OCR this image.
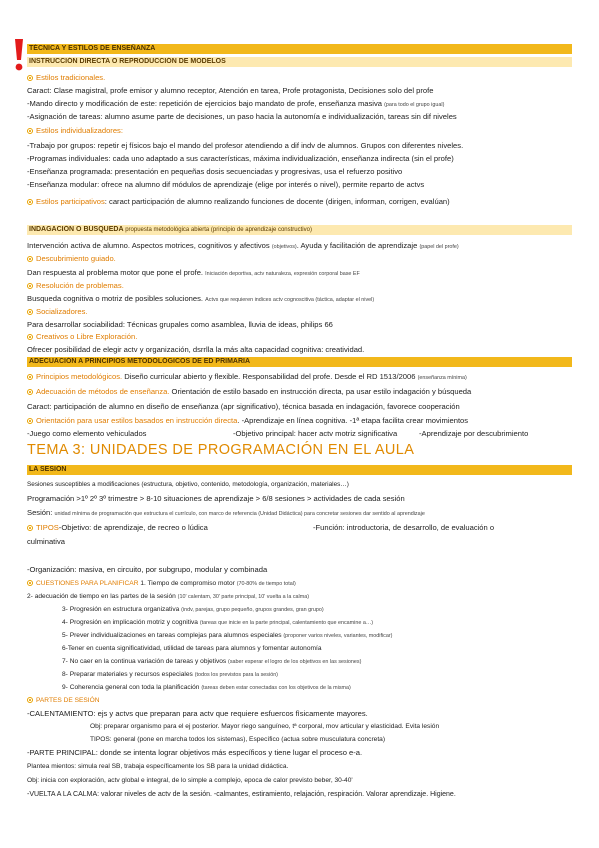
TÉCNICA Y ESTILOS DE ENSEÑANZA
INSTRUCCIÓN DIRECTA O REPRODUCCIÓN DE MODELOS
Estilos tradicionales.
Caract: Clase magistral, profe emisor y alumno receptor, Atención en tarea, Profe protagonista, Decisiones solo del profe
-Mando directo y modificación de este: repetición de ejercicios bajo mandato de profe, enseñanza masiva (para todo el grupo igual)
-Asignación de tareas: alumno asume parte de decisiones, un paso hacia la autonomía e individualización, tareas sin dif niveles
Estilos individualizadores:
-Trabajo por grupos: repetir ej físicos bajo el mando del profesor atendiendo a dif indv de alumnos. Grupos con diferentes niveles.
-Programas individuales: cada uno adaptado a sus características, máxima individualización, enseñanza indirecta (sin el profe)
-Enseñanza programada: presentación en pequeñas dosis secuenciadas y progresivas, usa el refuerzo positivo
-Enseñanza modular: ofrece na alumno dif módulos de aprendizaje (elige por interés o nivel), permite reparto de actvs
Estilos participativos: caract participación de alumno realizando funciones de docente (dirigen, informan, corrigen, evalúan)
INDAGACIÓN O BÚSQUEDA propuesta metodológica abierta (principio de aprendizaje constructivo)
Intervención activa de alumno. Aspectos motrices, cognitivos y afectivos (objetivos). Ayuda y facilitación de aprendizaje (papel del profe)
Descubrimiento guiado.
Dan respuesta al problema motor que pone el profe. Iniciación deportiva, actv naturaleza, expresión corporal base EF
Resolución de problemas.
Busqueda cognitiva o motriz de posibles soluciones. Actvs que requieren indices actv cognoscitiva (táctica, adaptar el nivel)
Socializadores.
Para desarrollar sociabilidad: Técnicas grupales como asamblea, lluvia de ideas, philips 66
Creativos o Libre Exploración.
Ofrecer posibilidad de elegir actv y organización, dsrrlla la más alta capacidad cognitiva: creatividad.
ADECUACIÓN A PRINCIPIOS METODOLÓGICOS DE ED PRIMARIA
Principios metodológicos. Diseño curricular abierto y flexible. Responsabilidad del profe. Desde el RD 1513/2006 (enseñanza mínima)
Adecuación de métodos de enseñanza. Orientación de estilo basado en instrucción directa, pa usar estilo indagación y búsqueda
Caract: participación de alumno en diseño de enseñanza (apr significativo), técnica basada en indagación, favorece cooperación
Orientación para usar estilos basados en instrucción directa. -Aprendizaje en línea cognitiva. -1ª etapa facilita crear movimientos
-Juego como elemento vehiculados	-Objetivo principal: hacer actv motriz significativa	-Aprendizaje por descubrimiento
TEMA 3: UNIDADES DE PROGRAMACIÓN EN EL AULA
LA SESIÓN
Sesiones susceptibles a modificaciones (estructura, objetivo, contenido, metodología, organización, materiales…)
Programación >1º 2º 3º trimestre > 8-10 situaciones de aprendizaje > 6/8 sesiones > actividades de cada sesión
Sesión: unidad mínima de programación que estructura el currículo, con marco de referencia (Unidad Didáctica) para concretar sesiones dar sentido al aprendizaje
TIPOS-Objetivo: de aprendizaje, de recreo o lúdica	-Función: introductoria, de desarrollo, de evaluación o
culminativa
-Organización: masiva, en circuito, por subgrupo, modular y combinada
CUESTIONES PARA PLANIFICAR 1. Tiempo de compromiso motor (70-80% de tiempo total)
2- adecuación de tiempo en las partes de la sesión (10' calentam, 30' parte principal, 10' vuelta a la calma)
3- Progresión en estructura organizativa (indv, parejas, grupo pequeño, grupos grandes, gran grupo)
4- Progresión en implicación motriz y cognitiva (tareas que inicie en la parte principal, calentamiento que encamine a…)
5- Prever individualizaciones en tareas complejas para alumnos especiales (proponer varios niveles, variantes, modificar)
6-Tener en cuenta significatividad, utilidad de tareas para alumnos y fomentar autonomía
7- No caer en la continua variación de tareas y objetivos (saber esperar el logro de los objetivos en las sesiones)
8- Preparar materiales y recursos especiales (todos los previstos para la sesión)
9- Coherencia general con toda la planificación (tareas deben estar conectadas con los objetivos de la misma)
PARTES DE SESIÓN
-CALENTAMIENTO: ejs y actvs que preparan para actv que requiere esfuercos fìsicamente mayores.
Obj: preparar organismo para el ej posterior. Mayor riego sanguíneo, tª corporal, mov articular y elasticidad. Evita lesión
TIPOS: general (pone en marcha todos los sistemas), Específico (actua sobre musculatura concreta)
-PARTE PRINCIPAL: donde se intenta lograr objetivos más específicos y tiene lugar el proceso e-a.
Plantea mientos: simula real SB, trabaja específicamente los SB para la unidad didáctica.
Obj: inicia con exploración, actv global e integral, de lo simple a complejo, epoca de calor previsto beber, 30-40'
-VUELTA A LA CALMA: valorar niveles de actv de la sesión. -calmantes, estiramiento, relajación, respiración. Valorar aprendizaje. Higiene.
